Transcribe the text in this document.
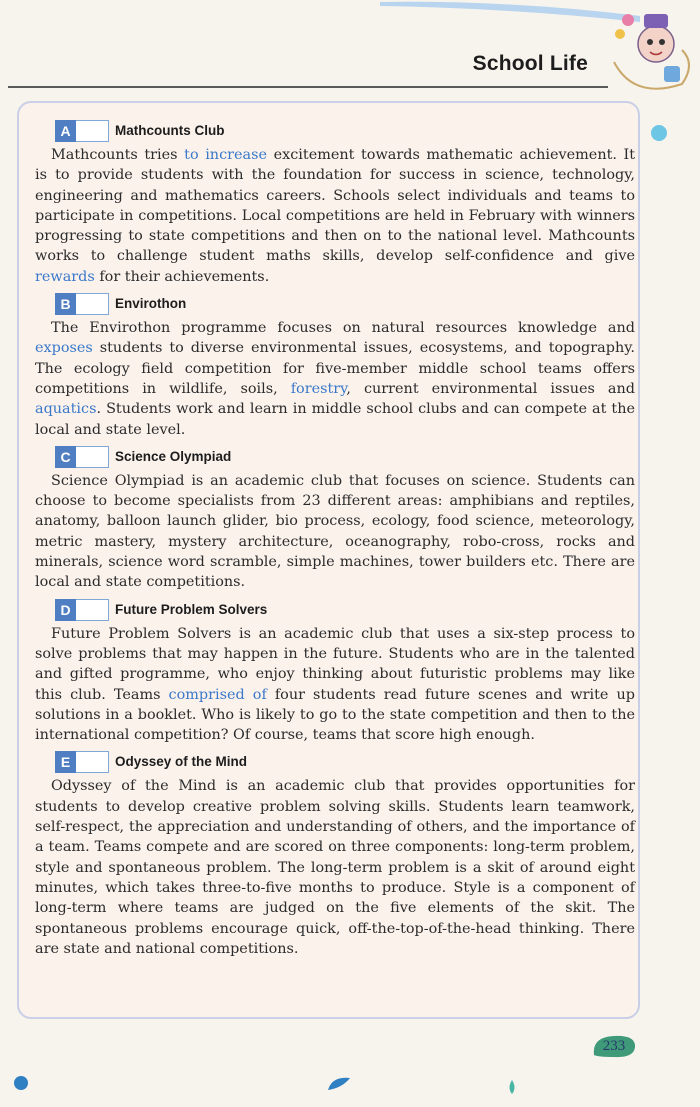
School Life
A	Mathcounts Club

Mathcounts tries to increase excitement towards mathematic achievement. It is to provide students with the foundation for success in science, technology, engineering and mathematics careers. Schools select individuals and teams to participate in competitions. Local competitions are held in February with winners progressing to state competitions and then on to the national level. Mathcounts works to challenge student maths skills, develop self-confidence and give rewards for their achievements.

B	Envirothon

The Envirothon programme focuses on natural resources knowledge and exposes students to diverse environmental issues, ecosystems, and topography. The ecology field competition for five-member middle school teams offers competitions in wildlife, soils, forestry, current environmental issues and aquatics. Students work and learn in middle school clubs and can compete at the local and state level.

C	Science Olympiad

Science Olympiad is an academic club that focuses on science. Students can choose to become specialists from 23 different areas: amphibians and reptiles, anatomy, balloon launch glider, bio process, ecology, food science, meteorology, metric mastery, mystery architecture, oceanography, robo-cross, rocks and minerals, science word scramble, simple machines, tower builders etc. There are local and state competitions.

D	Future Problem Solvers

Future Problem Solvers is an academic club that uses a six-step process to solve problems that may happen in the future. Students who are in the talented and gifted programme, who enjoy thinking about futuristic problems may like this club. Teams comprised of four students read future scenes and write up solutions in a booklet. Who is likely to go to the state competition and then to the international competition? Of course, teams that score high enough.

E	Odyssey of the Mind

Odyssey of the Mind is an academic club that provides opportunities for students to develop creative problem solving skills. Students learn teamwork, self-respect, the appreciation and understanding of others, and the importance of a team. Teams compete and are scored on three components: long-term problem, style and spontaneous problem. The long-term problem is a skit of around eight minutes, which takes three-to-five months to produce. Style is a component of long-term where teams are judged on the five elements of the skit. The spontaneous problems encourage quick, off-the-top-of-the-head thinking. There are state and national competitions.

233
